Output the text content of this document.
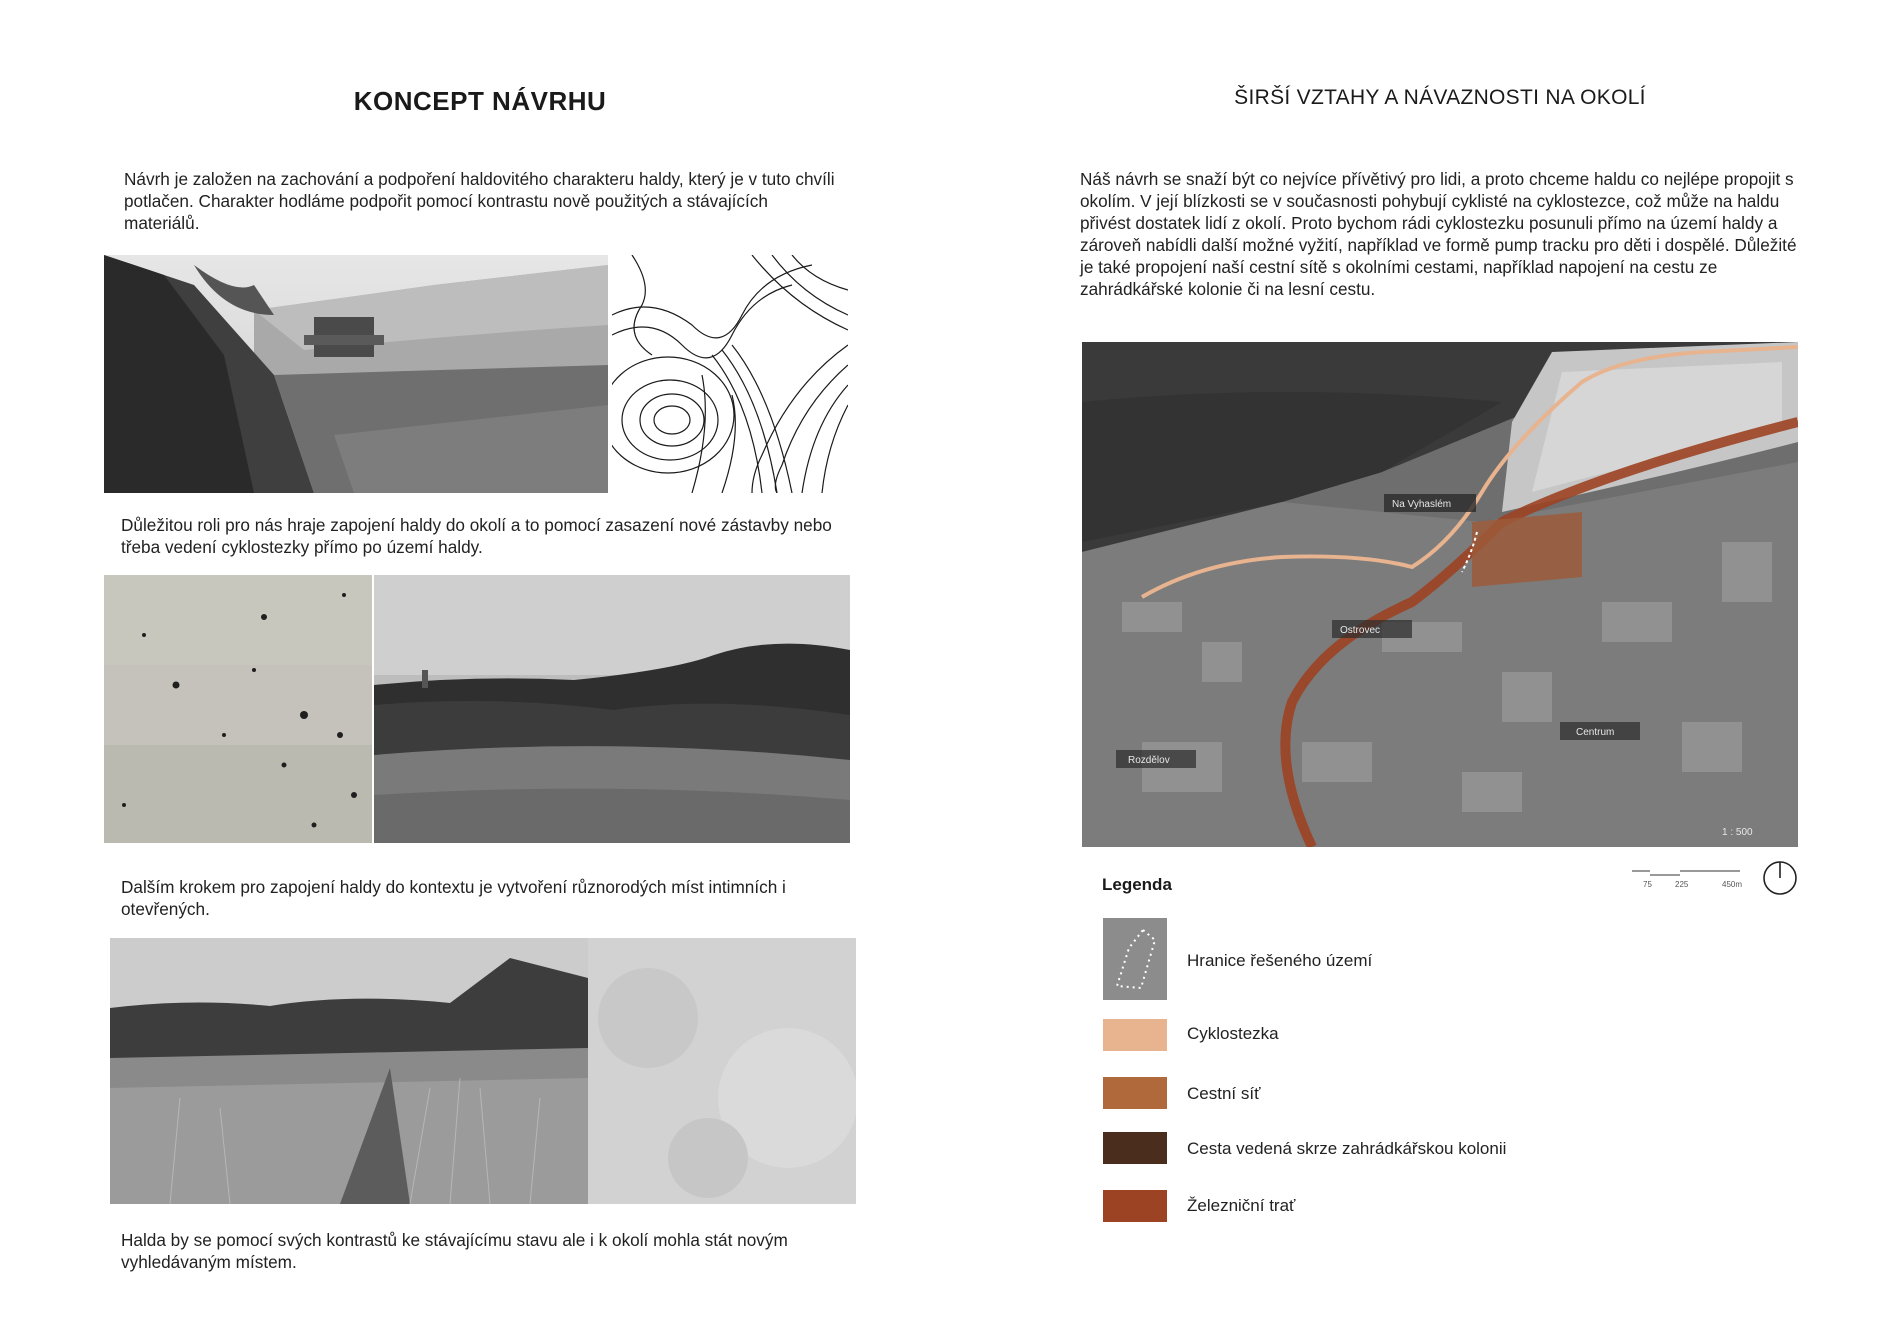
KONCEPT NÁVRHU
Návrh je založen na zachování a podpoření haldovitého charakteru haldy, který je v tuto chvíli potlačen. Charakter hodláme podpořit pomocí kontrastu nově použitých a stávajících materiálů.
Důležitou roli pro nás hraje zapojení haldy do okolí a to pomocí zasazení nové zástavby nebo třeba vedení cyklostezky přímo po území haldy.
Dalším krokem pro zapojení haldy do kontextu je vytvoření různorodých míst intimních i otevřených.
Halda by se pomocí svých kontrastů ke stávajícímu stavu ale i k okolí mohla stát novým vyhledávaným místem.
ŠIRŠÍ VZTAHY A NÁVAZNOSTI NA OKOLÍ
Náš návrh se snaží být co nejvíce přívětivý pro lidi, a proto chceme haldu co nejlépe propojit s okolím. V její blízkosti se v současnosti pohybují cyklisté na cyklostezce, což může na haldu přivést dostatek lidí z okolí. Proto bychom rádi cyklostezku posunuli přímo na území haldy a zároveň nabídli další možné vyžití, například ve formě pump tracku pro děti i dospělé. Důležité je také propojení naší cestní sítě s okolními cestami, například napojení na cestu ze zahrádkářské kolonie či na lesní cestu.
Na Vyhaslém
Ostrovec
Centrum
Rozdělov
1 : 500
75	225	450m
Legenda
Hranice řešeného území
Cyklostezka
Cestní síť
Cesta vedená skrze zahrádkářskou kolonii
Železniční trať
